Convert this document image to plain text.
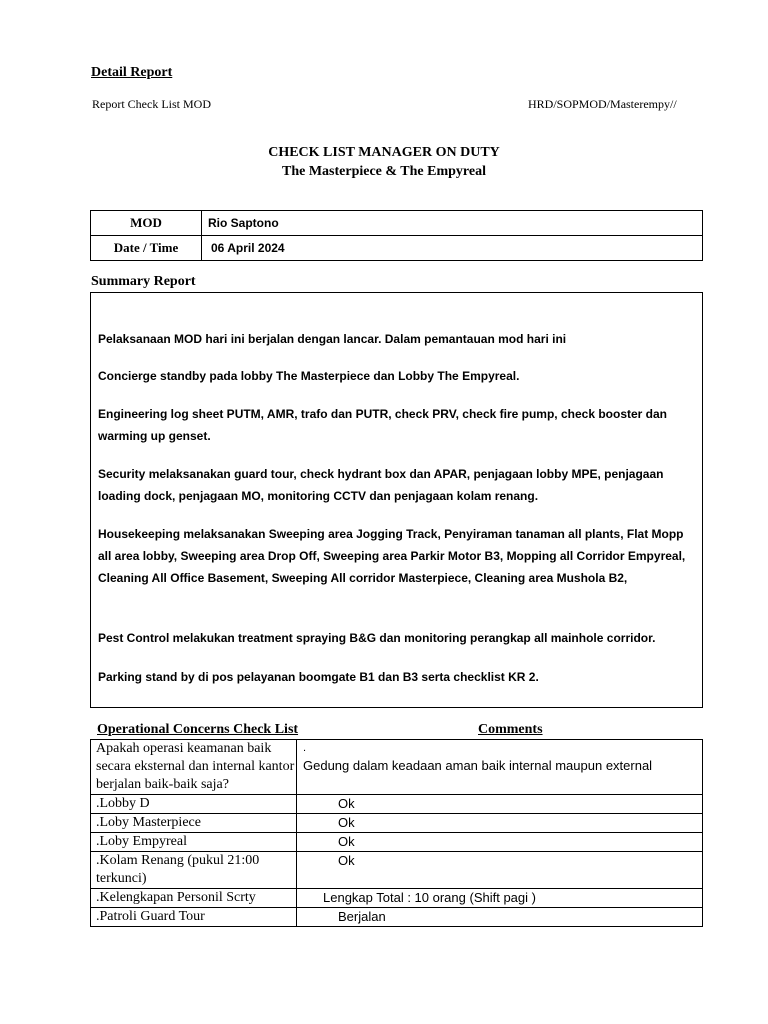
Detail Report
Report Check List MOD	HRD/SOPMOD/Masterempy//
CHECK LIST MANAGER ON DUTY
The Masterpiece & The Empyreal
MOD	Rio Saptono
Date / Time	06 April 2024
Summary Report
Pelaksanaan MOD hari ini berjalan dengan lancar. Dalam pemantauan mod hari ini
Concierge standby pada lobby The Masterpiece dan Lobby The Empyreal.
Engineering log sheet PUTM, AMR, trafo dan PUTR, check PRV, check fire pump, check booster dan warming up genset.
Security melaksanakan guard tour, check hydrant box dan APAR, penjagaan lobby MPE, penjagaan loading dock, penjagaan MO, monitoring CCTV dan penjagaan kolam renang.
Housekeeping melaksanakan Sweeping area Jogging Track, Penyiraman tanaman all plants, Flat Mopp all area lobby, Sweeping area Drop Off, Sweeping area Parkir Motor B3, Mopping all Corridor Empyreal, Cleaning All Office Basement, Sweeping All corridor Masterpiece, Cleaning area Mushola B2,
Pest Control melakukan treatment spraying B&G dan monitoring perangkap all mainhole corridor.
Parking stand by di pos pelayanan boomgate B1 dan B3 serta checklist KR 2.
Operational Concerns Check List	Comments
Apakah operasi keamanan baik secara eksternal dan internal kantor berjalan baik-baik saja?	.
Gedung dalam keadaan aman baik internal maupun external

.Lobby D	Ok
.Loby Masterpiece	Ok
.Loby Empyreal	Ok
.Kolam Renang (pukul 21:00 terkunci)	Ok
.Kelengkapan Personil Scrty	Lengkap Total : 10 orang (Shift pagi )
.Patroli Guard Tour	Berjalan
